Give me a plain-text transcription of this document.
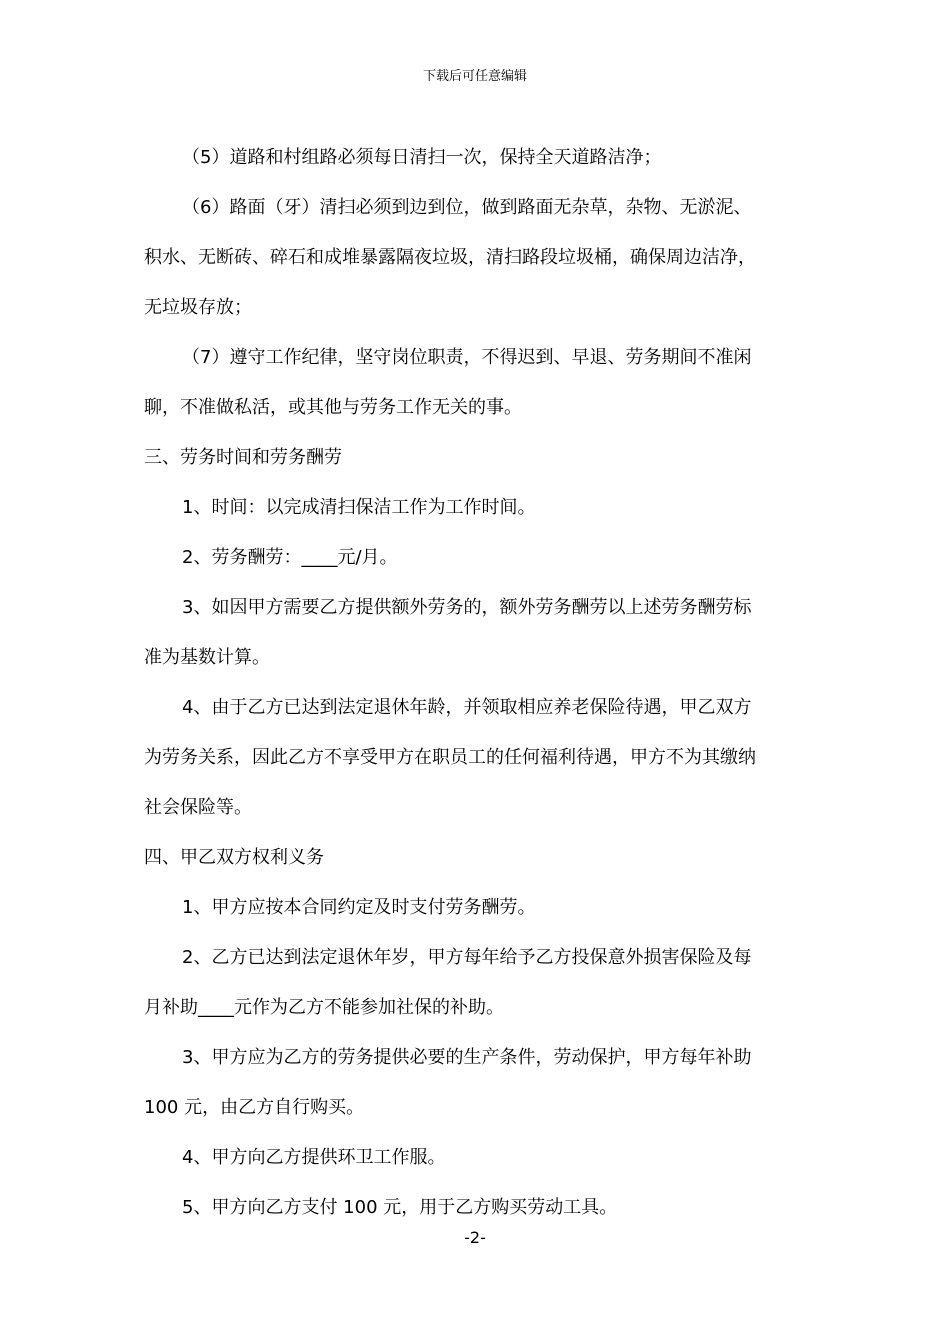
下载后可任意编辑
（5）道路和村组路必须每日清扫一次，保持全天道路洁净；
（6）路面（牙）清扫必须到边到位，做到路面无杂草，杂物、无淤泥、
积水、无断砖、碎石和成堆暴露隔夜垃圾，清扫路段垃圾桶，确保周边洁净，
无垃圾存放；
（7）遵守工作纪律，坚守岗位职责，不得迟到、早退、劳务期间不准闲
聊，不准做私活，或其他与劳务工作无关的事。
三、劳务时间和劳务酬劳
1、时间：以完成清扫保洁工作为工作时间。
2、劳务酬劳：____元/月。
3、如因甲方需要乙方提供额外劳务的，额外劳务酬劳以上述劳务酬劳标
准为基数计算。
4、由于乙方已达到法定退休年龄，并领取相应养老保险待遇，甲乙双方
为劳务关系，因此乙方不享受甲方在职员工的任何福利待遇，甲方不为其缴纳
社会保险等。
四、甲乙双方权利义务
1、甲方应按本合同约定及时支付劳务酬劳。
2、乙方已达到法定退休年岁，甲方每年给予乙方投保意外损害保险及每
月补助____元作为乙方不能参加社保的补助。
3、甲方应为乙方的劳务提供必要的生产条件，劳动保护，甲方每年补助
100 元，由乙方自行购买。
4、甲方向乙方提供环卫工作服。
5、甲方向乙方支付 100 元，用于乙方购买劳动工具。
-2-
